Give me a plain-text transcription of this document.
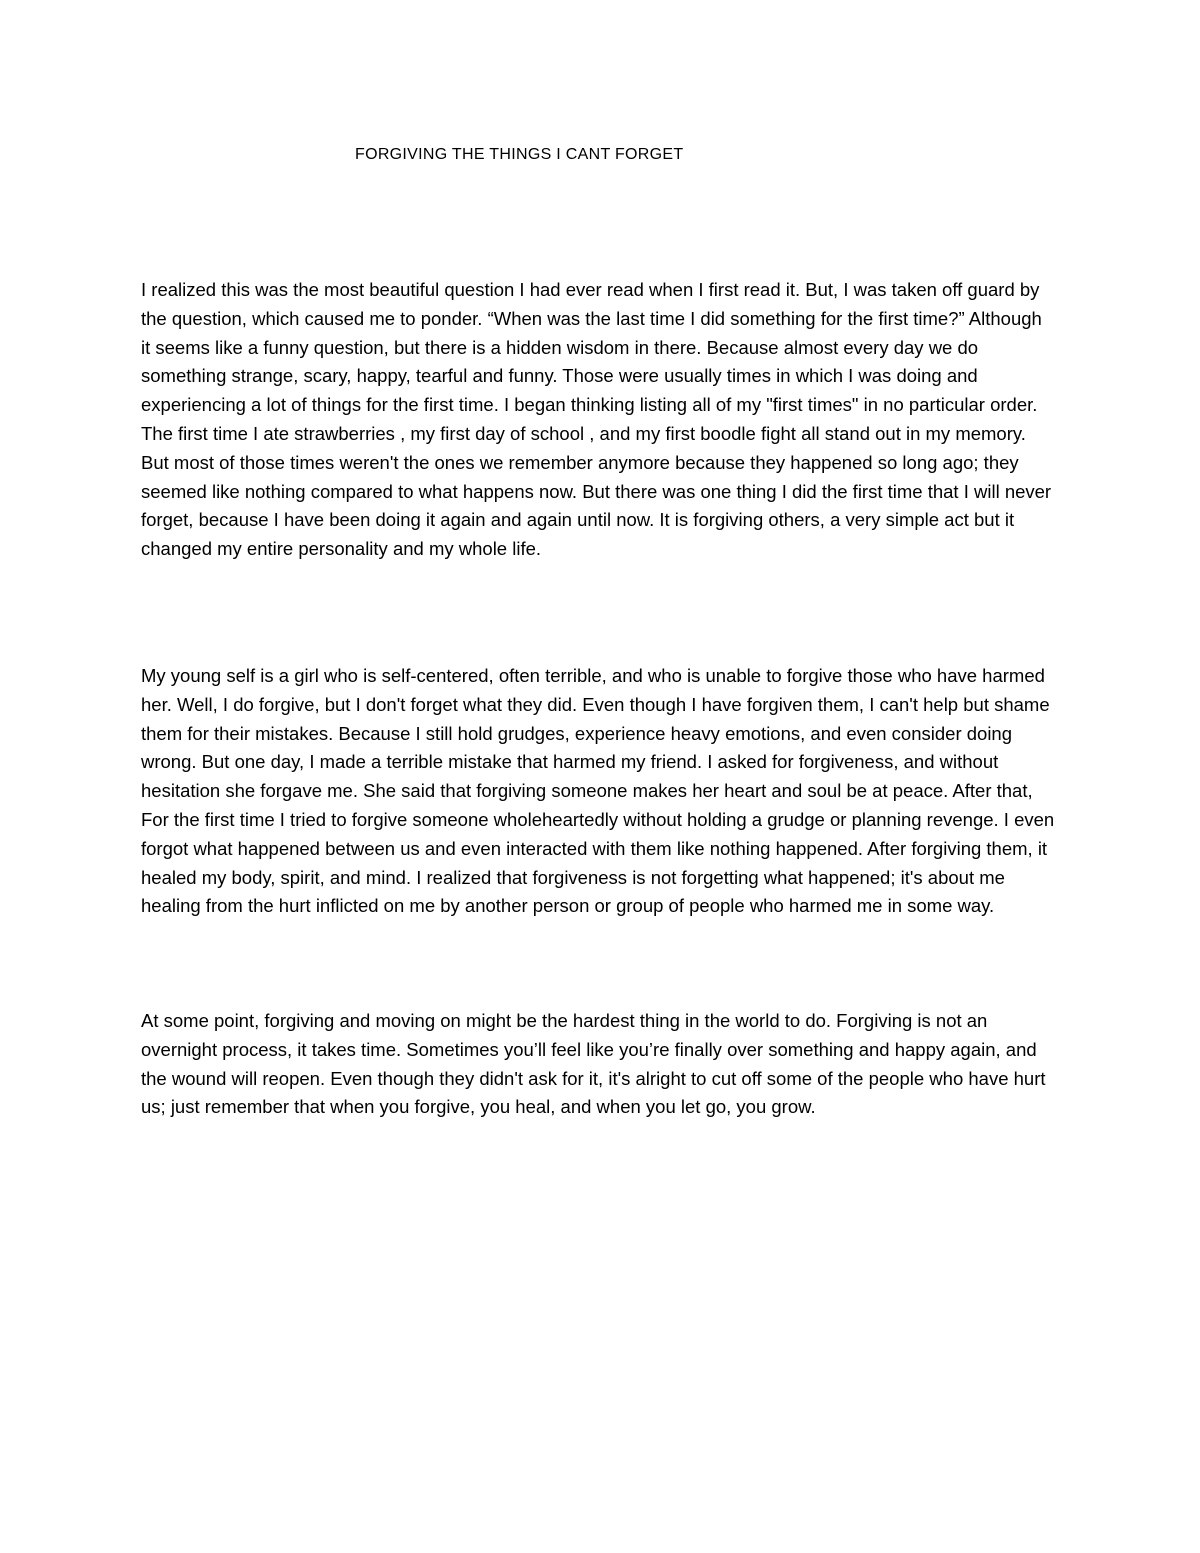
FORGIVING THE THINGS I CANT FORGET

I realized this was the most beautiful question I had ever read when I first read it. But, I was taken off guard by the question, which caused me to ponder. “When was the last time I did something for the first time?” Although it seems like a funny question, but there is a hidden wisdom in there. Because almost every day we do something strange, scary, happy, tearful and funny. Those were usually times in which I was doing and experiencing a lot of things for the first time. I began thinking listing all of my "first times" in no particular order. The first time I ate strawberries , my first day of school , and my first boodle fight all stand out in my memory. But most of those times weren't the ones we remember anymore because they happened so long ago; they seemed like nothing compared to what happens now. But there was one thing I did the first time that I will never forget, because I have been doing it again and again until now. It is forgiving others, a very simple act but it changed my entire personality and my whole life.

My young self is a girl who is self-centered, often terrible, and who is unable to forgive those who have harmed her. Well, I do forgive, but I don't forget what they did. Even though I have forgiven them, I can't help but shame them for their mistakes. Because I still hold grudges, experience heavy emotions, and even consider doing wrong. But one day, I made a terrible mistake that harmed my friend. I asked for forgiveness, and without hesitation she forgave me. She said that forgiving someone makes her heart and soul be at peace. After that, For the first time I tried to forgive someone wholeheartedly without holding a grudge or planning revenge. I even forgot what happened between us and even interacted with them like nothing happened. After forgiving them, it healed my body, spirit, and mind. I realized that forgiveness is not forgetting what happened; it's about me healing from the hurt inflicted on me by another person or group of people who harmed me in some way.

At some point, forgiving and moving on might be the hardest thing in the world to do. Forgiving is not an overnight process, it takes time. Sometimes you’ll feel like you’re finally over something and happy again, and the wound will reopen. Even though they didn't ask for it, it's alright to cut off some of the people who have hurt us; just remember that when you forgive, you heal, and when you let go, you grow.
